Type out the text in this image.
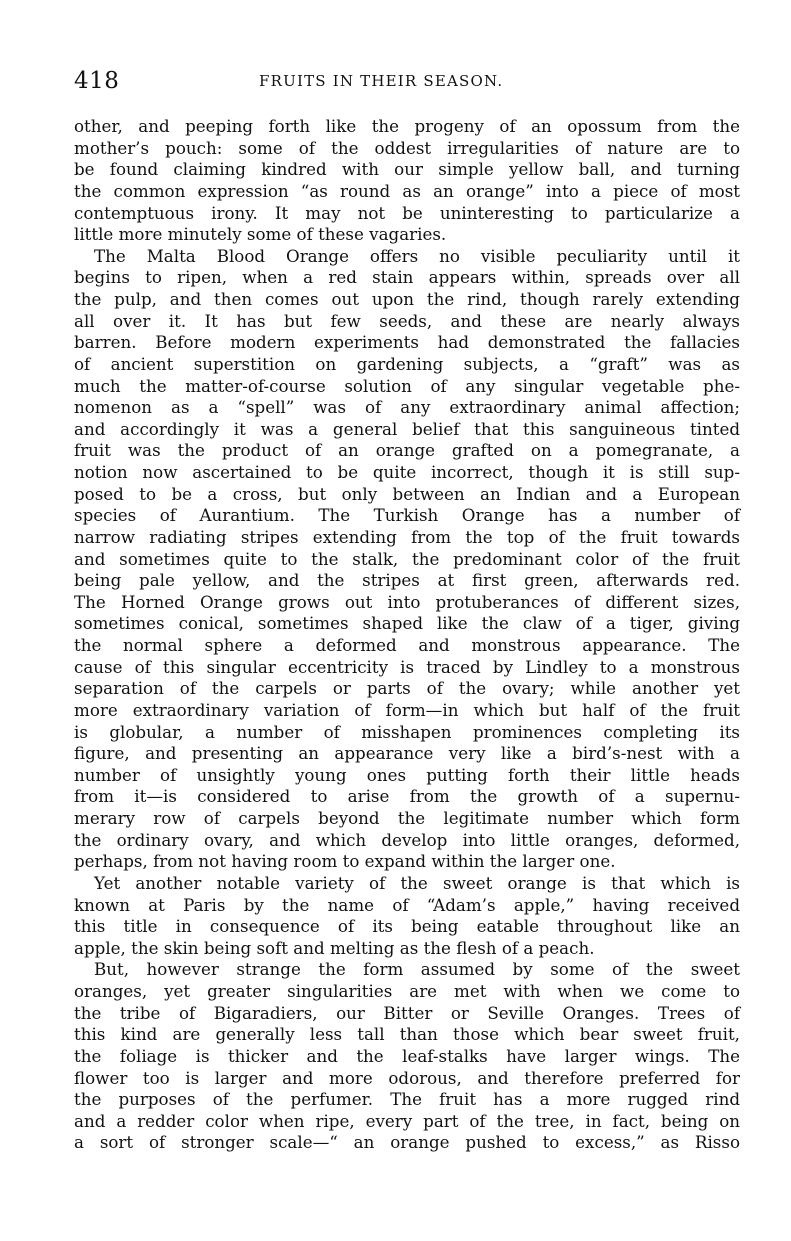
418	FRUITS IN THEIR SEASON.
other, and peeping forth like the progeny of an opossum from the
mother’s pouch: some of the oddest irregularities of nature are to
be found claiming kindred with our simple yellow ball, and turning
the common expression “as round as an orange” into a piece of most
contemptuous irony. It may not be uninteresting to particularize a
little more minutely some of these vagaries.
The Malta Blood Orange offers no visible peculiarity until it
begins to ripen, when a red stain appears within, spreads over all
the pulp, and then comes out upon the rind, though rarely extending
all over it. It has but few seeds, and these are nearly always
barren. Before modern experiments had demonstrated the fallacies
of ancient superstition on gardening subjects, a “graft” was as
much the matter-of-course solution of any singular vegetable phe-
nomenon as a “spell” was of any extraordinary animal affection;
and accordingly it was a general belief that this sanguineous tinted
fruit was the product of an orange grafted on a pomegranate, a
notion now ascertained to be quite incorrect, though it is still sup-
posed to be a cross, but only between an Indian and a European
species of Aurantium. The Turkish Orange has a number of
narrow radiating stripes extending from the top of the fruit towards
and sometimes quite to the stalk, the predominant color of the fruit
being pale yellow, and the stripes at first green, afterwards red.
The Horned Orange grows out into protuberances of different sizes,
sometimes conical, sometimes shaped like the claw of a tiger, giving
the normal sphere a deformed and monstrous appearance. The
cause of this singular eccentricity is traced by Lindley to a monstrous
separation of the carpels or parts of the ovary; while another yet
more extraordinary variation of form—in which but half of the fruit
is globular, a number of misshapen prominences completing its
figure, and presenting an appearance very like a bird’s-nest with a
number of unsightly young ones putting forth their little heads
from it—is considered to arise from the growth of a supernu-
merary row of carpels beyond the legitimate number which form
the ordinary ovary, and which develop into little oranges, deformed,
perhaps, from not having room to expand within the larger one.
Yet another notable variety of the sweet orange is that which is
known at Paris by the name of “Adam’s apple,” having received
this title in consequence of its being eatable throughout like an
apple, the skin being soft and melting as the flesh of a peach.
But, however strange the form assumed by some of the sweet
oranges, yet greater singularities are met with when we come to
the tribe of Bigaradiers, our Bitter or Seville Oranges. Trees of
this kind are generally less tall than those which bear sweet fruit,
the foliage is thicker and the leaf-stalks have larger wings. The
flower too is larger and more odorous, and therefore preferred for
the purposes of the perfumer. The fruit has a more rugged rind
and a redder color when ripe, every part of the tree, in fact, being on
a sort of stronger scale—“ an orange pushed to excess,” as Risso
